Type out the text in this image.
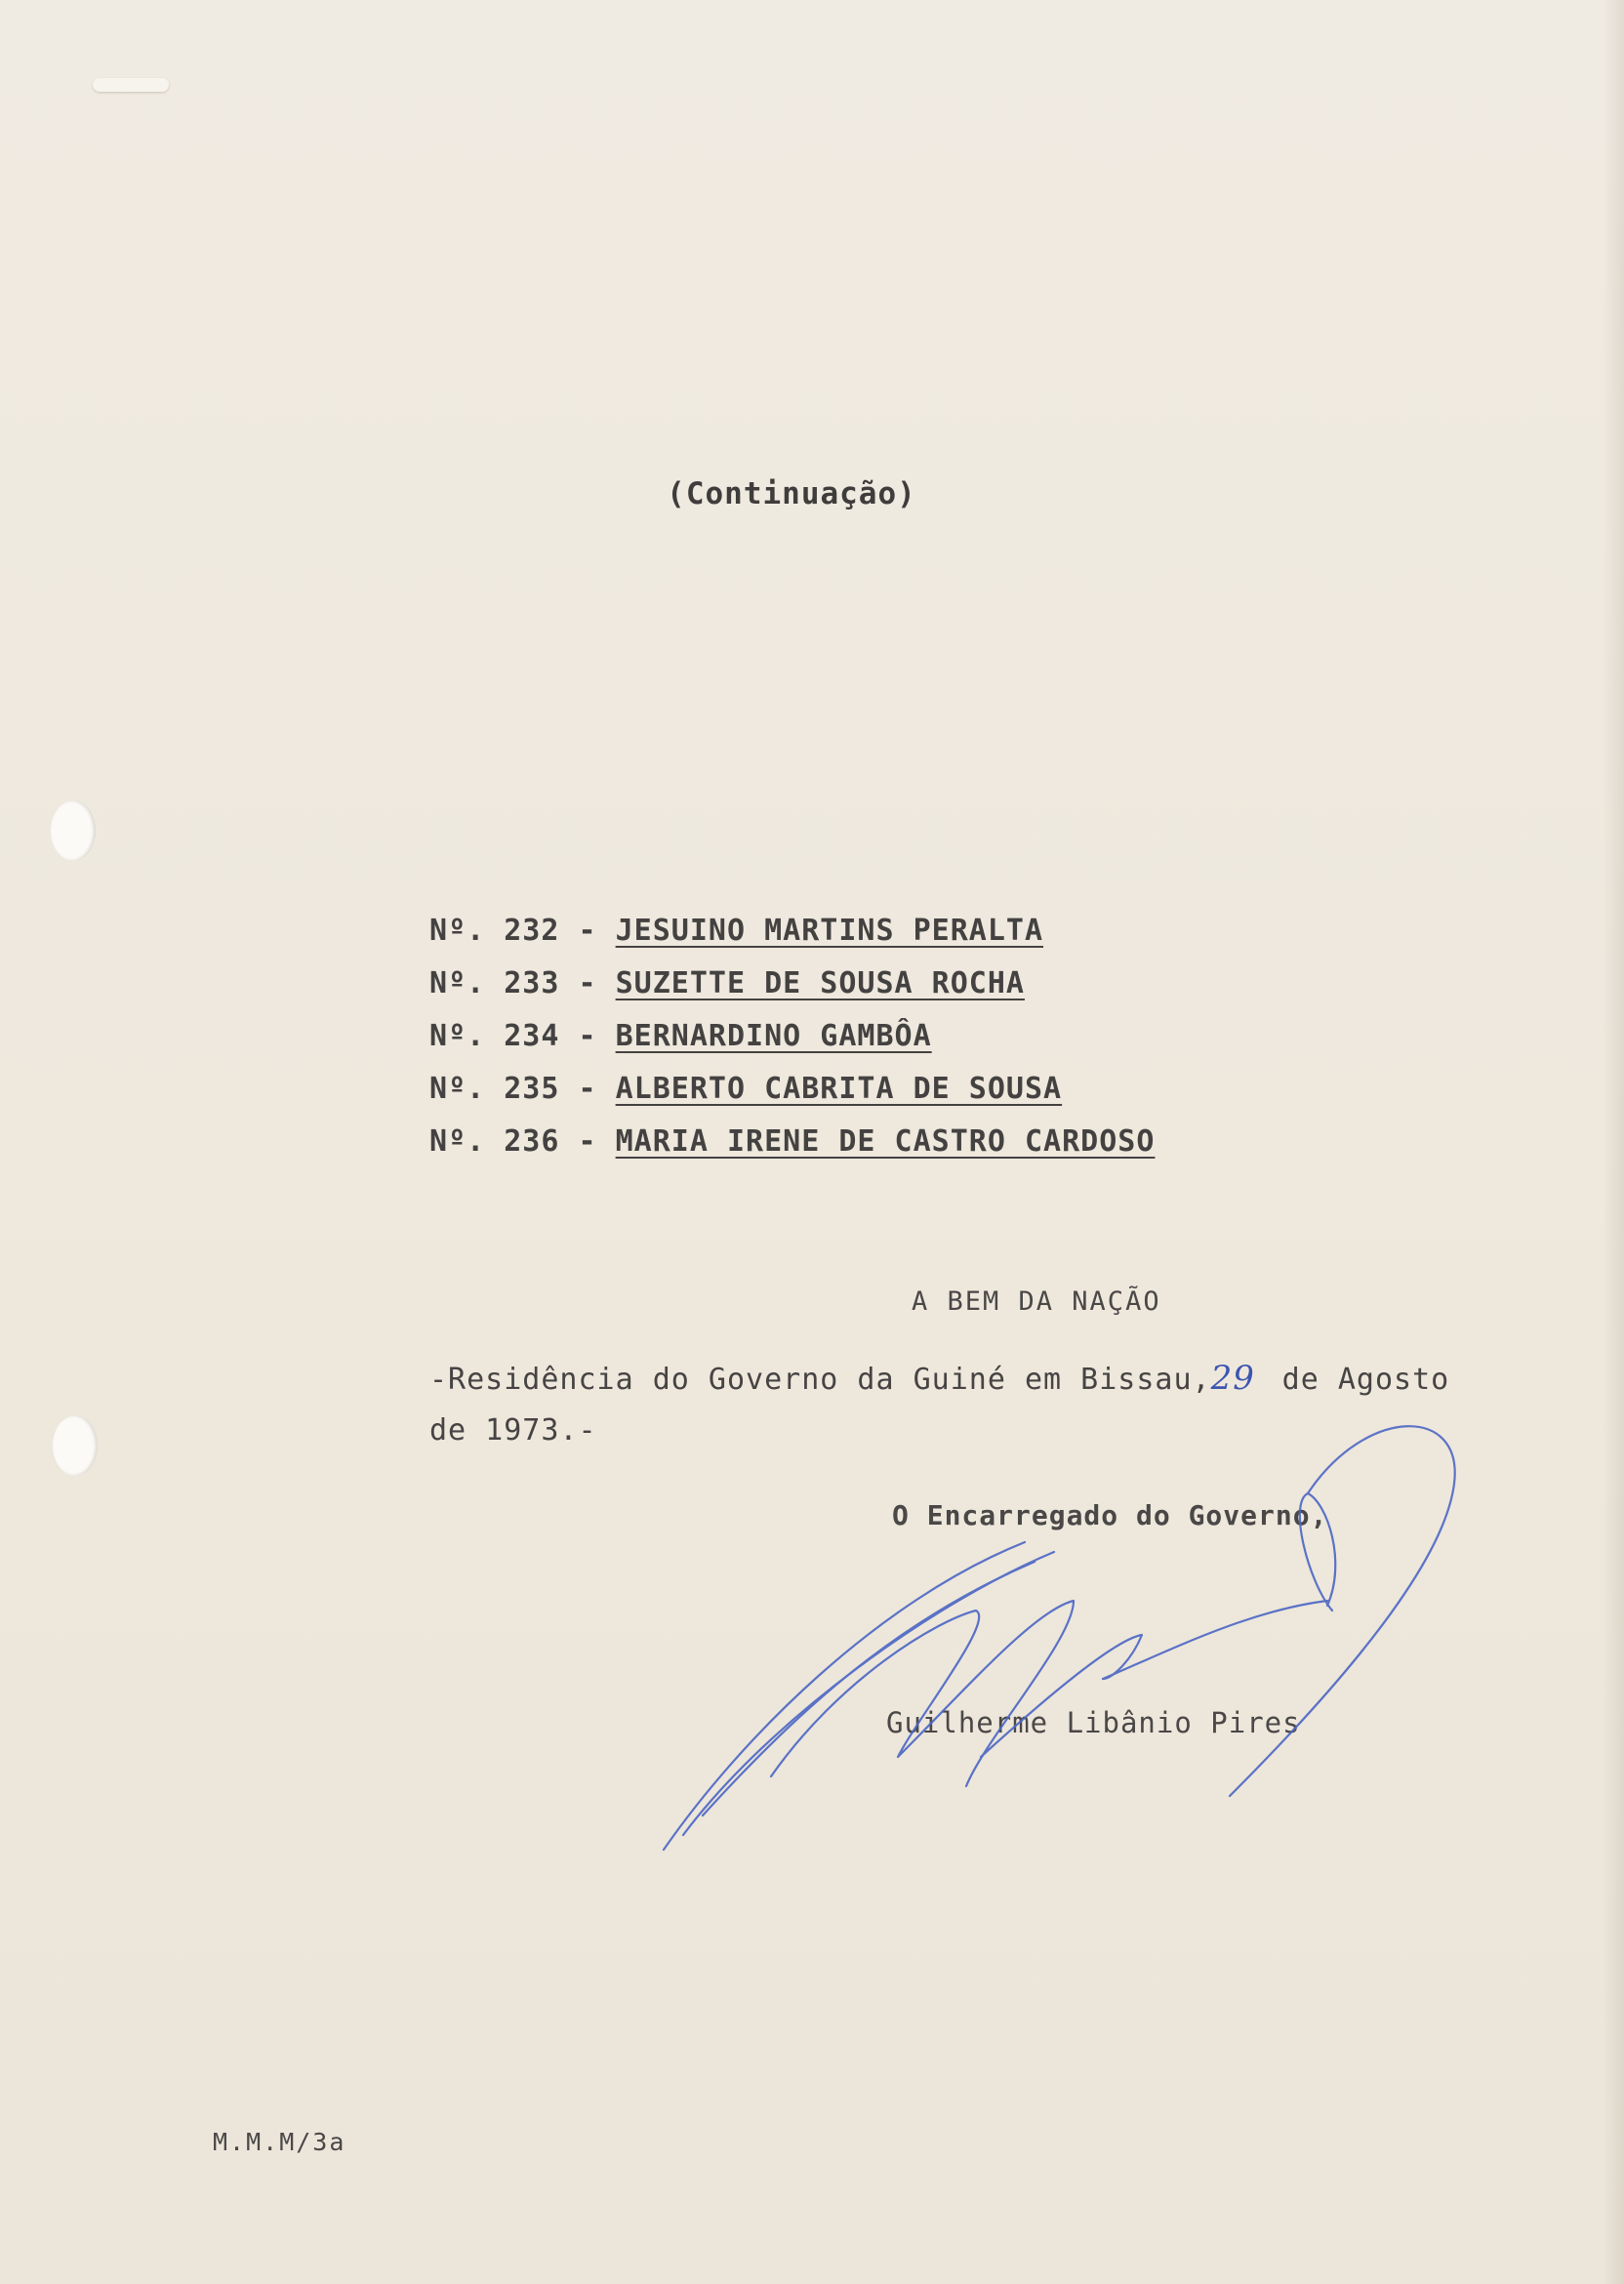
(Continuação)
Nº. 232 - JESUINO MARTINS PERALTA
Nº. 233 - SUZETTE DE SOUSA ROCHA
Nº. 234 - BERNARDINO GAMBÔA
Nº. 235 - ALBERTO CABRITA DE SOUSA
Nº. 236 - MARIA IRENE DE CASTRO CARDOSO
A BEM DA NAÇÃO
-Residência do Governo da Guiné em Bissau,29 de Agosto
de 1973.-
O Encarregado do Governo,
Guilherme Libânio Pires
M.M.M/3a
